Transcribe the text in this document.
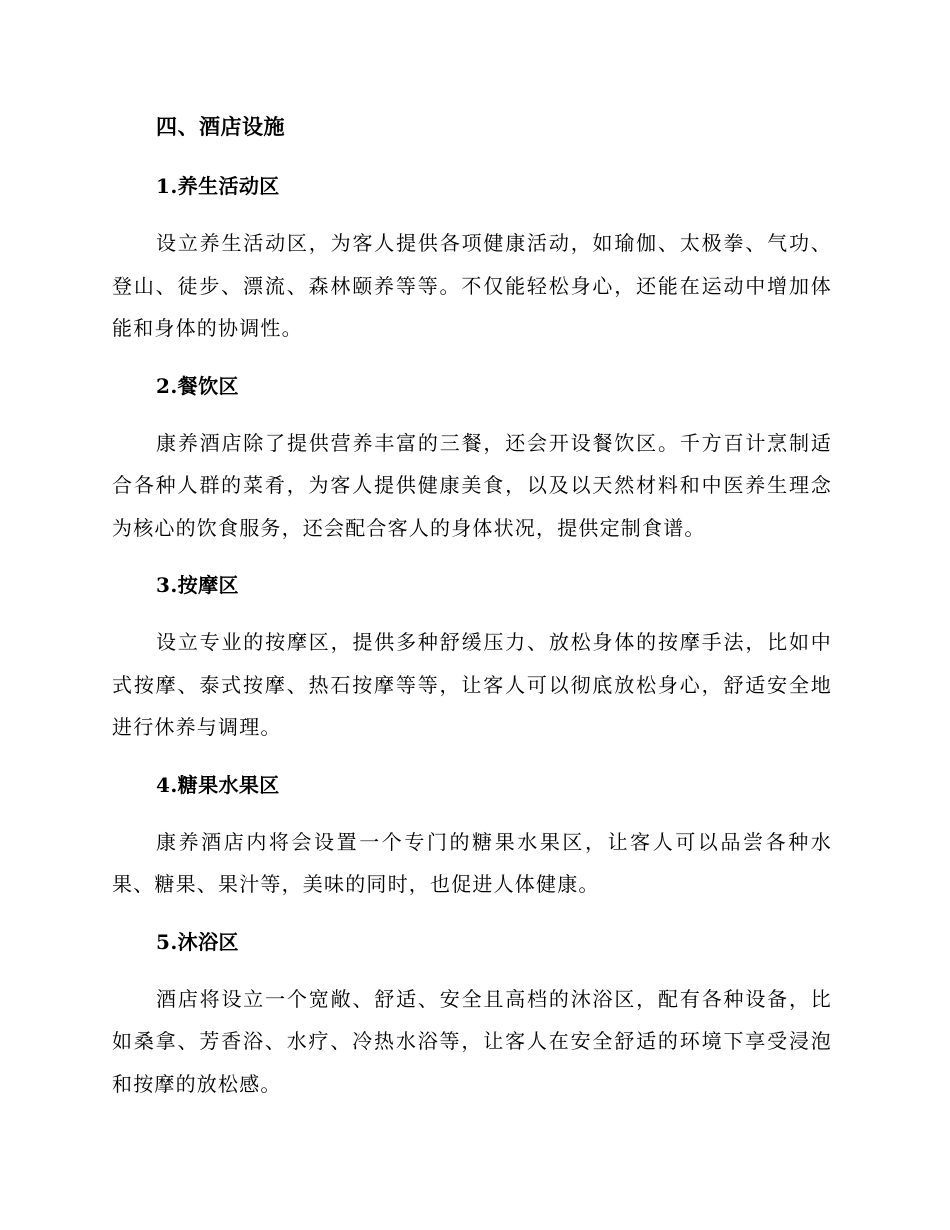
四、酒店设施
1.养生活动区

设立养生活动区，为客人提供各项健康活动，如瑜伽、太极拳、气功、登山、徒步、漂流、森林颐养等等。不仅能轻松身心，还能在运动中增加体能和身体的协调性。

2.餐饮区

康养酒店除了提供营养丰富的三餐，还会开设餐饮区。千方百计烹制适合各种人群的菜肴，为客人提供健康美食，以及以天然材料和中医养生理念为核心的饮食服务，还会配合客人的身体状况，提供定制食谱。

3.按摩区

设立专业的按摩区，提供多种舒缓压力、放松身体的按摩手法，比如中式按摩、泰式按摩、热石按摩等等，让客人可以彻底放松身心，舒适安全地进行休养与调理。

4.糖果水果区

康养酒店内将会设置一个专门的糖果水果区，让客人可以品尝各种水果、糖果、果汁等，美味的同时，也促进人体健康。

5.沐浴区

酒店将设立一个宽敞、舒适、安全且高档的沐浴区，配有各种设备，比如桑拿、芳香浴、水疗、冷热水浴等，让客人在安全舒适的环境下享受浸泡和按摩的放松感。
